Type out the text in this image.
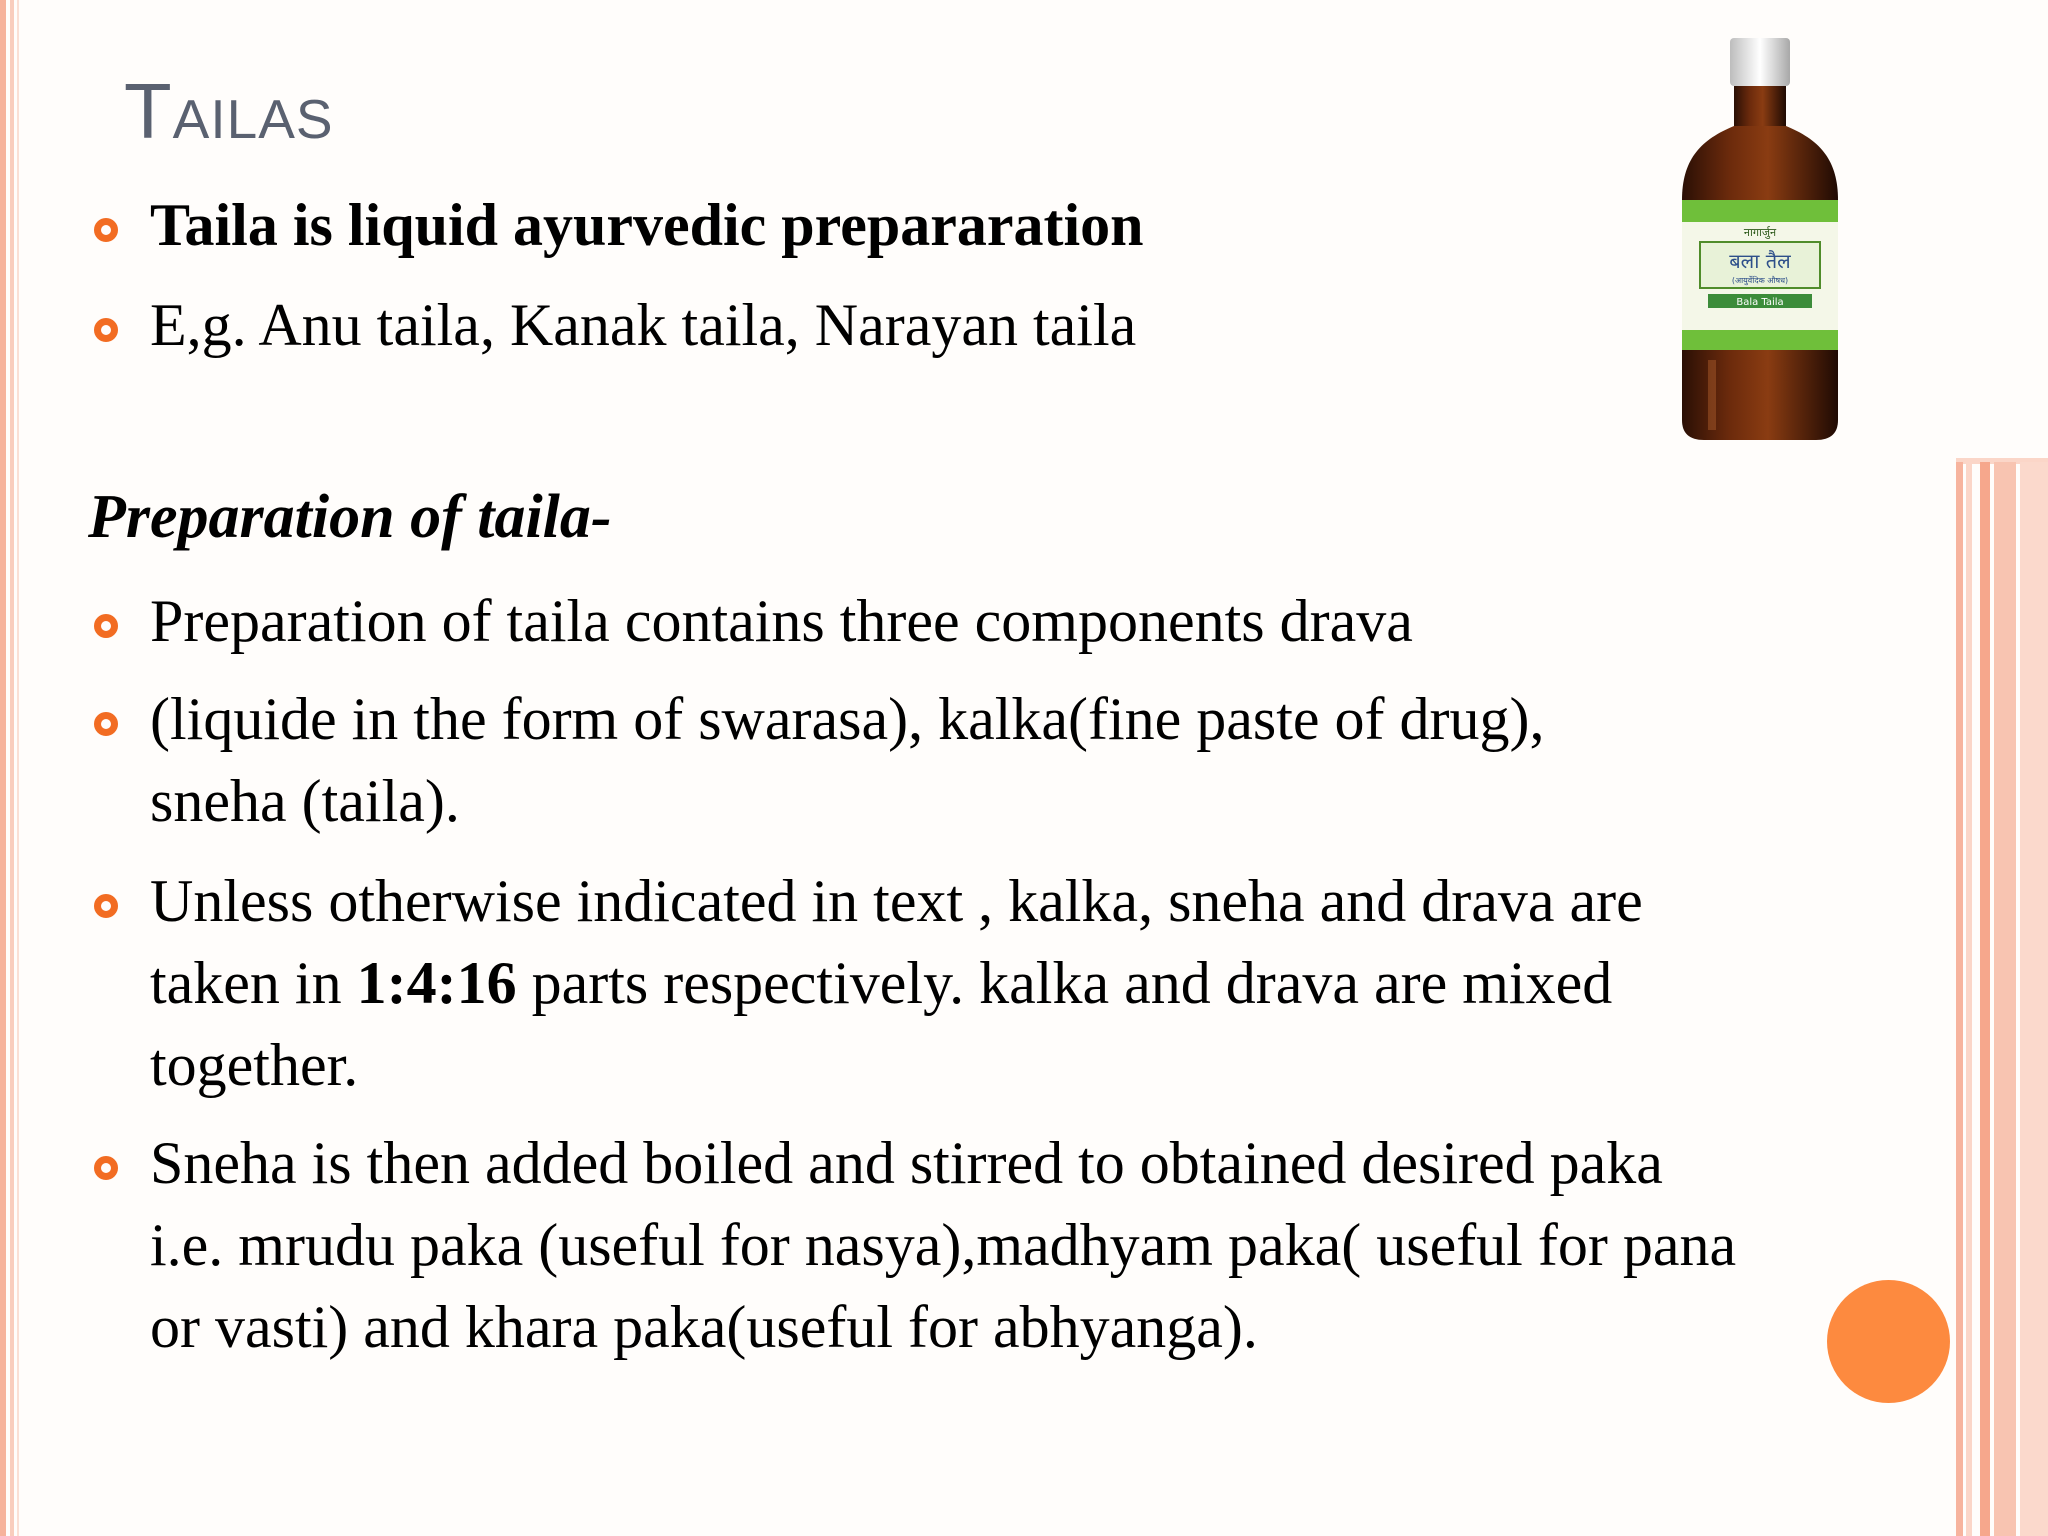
Tailas
नागार्जुन
बला तैल
(आयुर्वेदिक औषध)
Bala Taila

Taila is liquid ayurvedic prepararation

E,g. Anu taila, Kanak taila, Narayan taila

Preparation of taila-

Preparation of taila contains three components drava

(liquide in the form of swarasa), kalka(fine paste of drug),

sneha (taila).

Unless otherwise indicated in text , kalka, sneha and drava are

taken in 1:4:16 parts respectively. kalka and drava are mixed

together.

Sneha is then added boiled and stirred to obtained desired paka

i.e. mrudu paka (useful for nasya),madhyam paka( useful for pana

or vasti) and khara paka(useful for abhyanga).
